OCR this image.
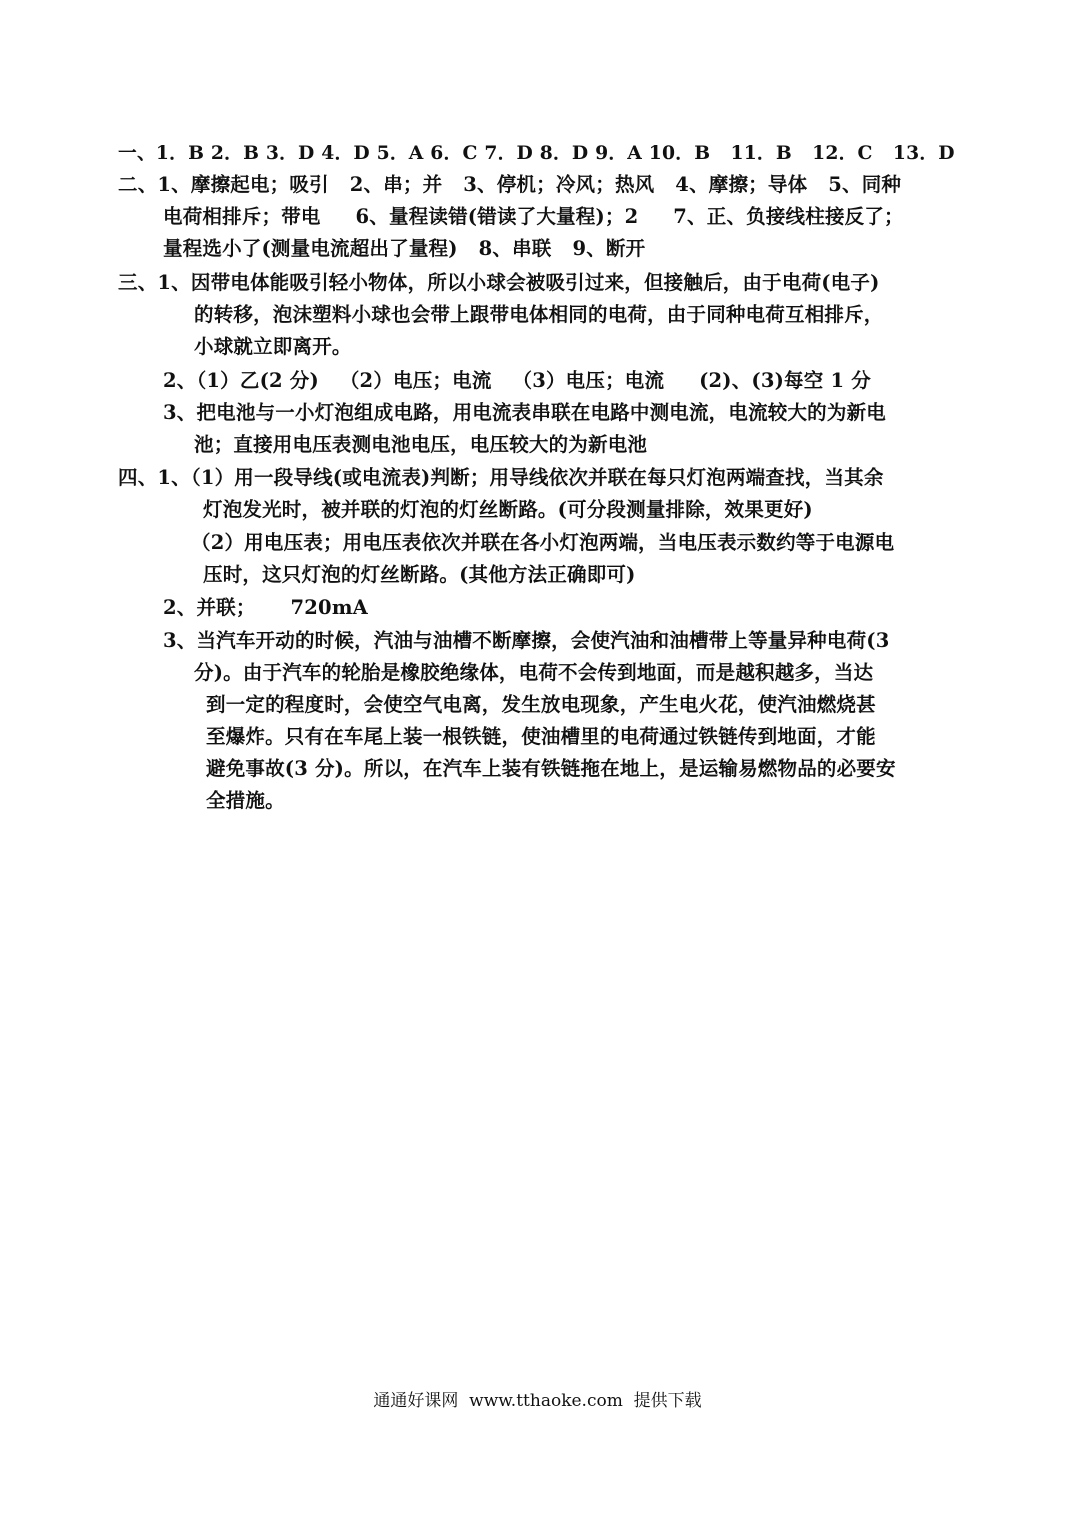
一、1．B 2．B 3．D 4．D 5．A 6．C 7．D 8．D 9．A 10．B   11．B   12．C   13．D
二、1、摩擦起电；吸引   2、串；并   3、停机；冷风；热风   4、摩擦；导体   5、同种
电荷相排斥；带电     6、量程读错(错读了大量程)；2     7、正、负接线柱接反了；
量程选小了(测量电流超出了量程)   8、串联   9、断开
三、1、因带电体能吸引轻小物体，所以小球会被吸引过来，但接触后，由于电荷(电子)
的转移，泡沫塑料小球也会带上跟带电体相同的电荷，由于同种电荷互相排斥，
小球就立即离开。
2、（1）乙(2 分)   （2）电压；电流   （3）电压；电流     (2)、(3)每空 1 分
3、把电池与一小灯泡组成电路，用电流表串联在电路中测电流，电流较大的为新电
池；直接用电压表测电池电压，电压较大的为新电池
四、1、（1）用一段导线(或电流表)判断；用导线依次并联在每只灯泡两端查找，当其余
灯泡发光时，被并联的灯泡的灯丝断路。(可分段测量排除，效果更好)
（2）用电压表；用电压表依次并联在各小灯泡两端，当电压表示数约等于电源电
压时，这只灯泡的灯丝断路。(其他方法正确即可)
2、并联；     720mA
3、当汽车开动的时候，汽油与油槽不断摩擦，会使汽油和油槽带上等量异种电荷(3
分)。由于汽车的轮胎是橡胶绝缘体，电荷不会传到地面，而是越积越多，当达
到一定的程度时，会使空气电离，发生放电现象，产生电火花，使汽油燃烧甚
至爆炸。只有在车尾上装一根铁链，使油槽里的电荷通过铁链传到地面，才能
避免事故(3 分)。所以，在汽车上装有铁链拖在地上，是运输易燃物品的必要安
全措施。
通通好课网  www.tthaoke.com  提供下载
